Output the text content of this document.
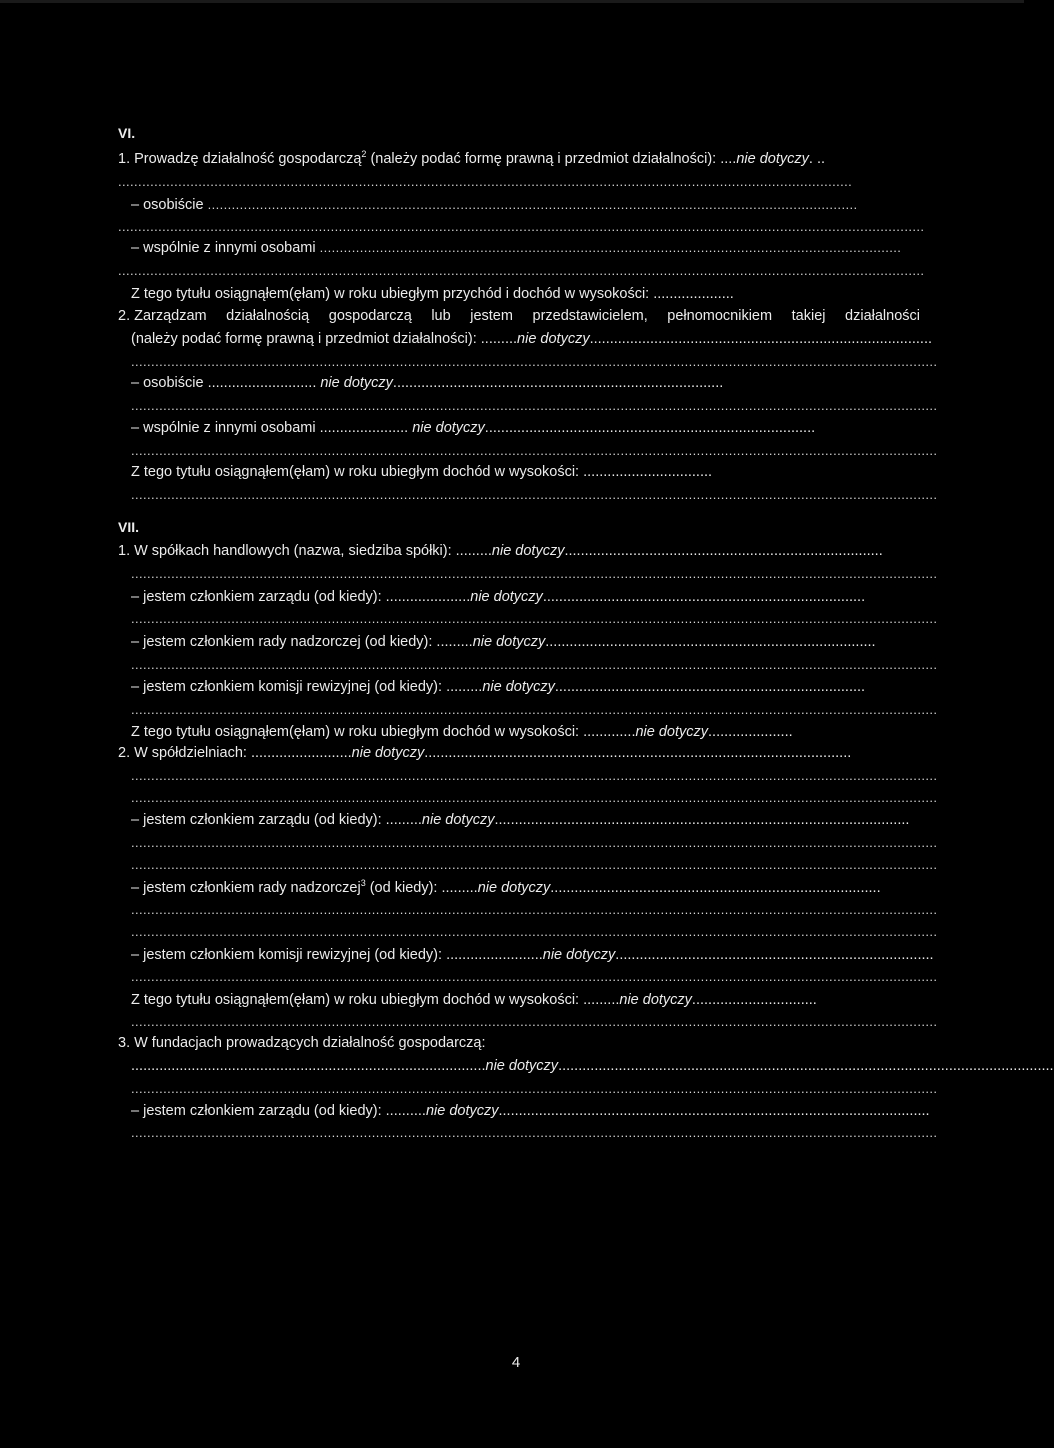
VI.
1. Prowadzę działalność gospodarczą$^2$ (należy podać formę prawną i przedmiot działalności): ....nie dotyczy. ..
.......................................................................................................................................................................................
– osobiście ..................................................................................................................................................................
.........................................................................................................................................................................................................
– wspólnie z innymi osobami .................................................................................................................................................
.........................................................................................................................................................................................................
Z tego tytułu osiągnąłem(ęłam) w roku ubiegłym przychód i dochód w wysokości: ....................
2. Zarządzam działalnością gospodarczą lub jestem przedstawicielem, pełnomocnikiem takiej działalności
(należy podać formę prawną i przedmiot działalności): .........nie dotyczy.....................................................................................
.........................................................................................................................................................................................................
– osobiście ........................... nie dotyczy..................................................................................
.........................................................................................................................................................................................................
– wspólnie z innymi osobami ...................... nie dotyczy..................................................................................
.........................................................................................................................................................................................................
Z tego tytułu osiągnąłem(ęłam) w roku ubiegłym dochód w wysokości: ................................
.........................................................................................................................................................................................................
VII.
1. W spółkach handlowych (nazwa, siedziba spółki): .........nie dotyczy...............................................................................
.........................................................................................................................................................................................................
– jestem członkiem zarządu (od kiedy): .....................nie dotyczy................................................................................
.........................................................................................................................................................................................................
– jestem członkiem rady nadzorczej (od kiedy): .........nie dotyczy..................................................................................
.........................................................................................................................................................................................................
– jestem członkiem komisji rewizyjnej (od kiedy): .........nie dotyczy.............................................................................
.........................................................................................................................................................................................................
Z tego tytułu osiągnąłem(ęłam) w roku ubiegłym dochód w wysokości: .............nie dotyczy.....................
2. W spółdzielniach: .........................nie dotyczy..........................................................................................................
.........................................................................................................................................................................................................
.........................................................................................................................................................................................................
– jestem członkiem zarządu (od kiedy): .........nie dotyczy.......................................................................................................
.........................................................................................................................................................................................................
.........................................................................................................................................................................................................
– jestem członkiem rady nadzorczej$^3$ (od kiedy): .........nie dotyczy..................................................................................
.........................................................................................................................................................................................................
.........................................................................................................................................................................................................
– jestem członkiem komisji rewizyjnej (od kiedy): ........................nie dotyczy...............................................................................
.........................................................................................................................................................................................................
Z tego tytułu osiągnąłem(ęłam) w roku ubiegłym dochód w wysokości: .........nie dotyczy...............................
.........................................................................................................................................................................................................
3. W fundacjach prowadzących działalność gospodarczą:
........................................................................................nie dotyczy...........................................................................................................................
.........................................................................................................................................................................................................
– jestem członkiem zarządu (od kiedy): ..........nie dotyczy...........................................................................................................
.........................................................................................................................................................................................................
4
